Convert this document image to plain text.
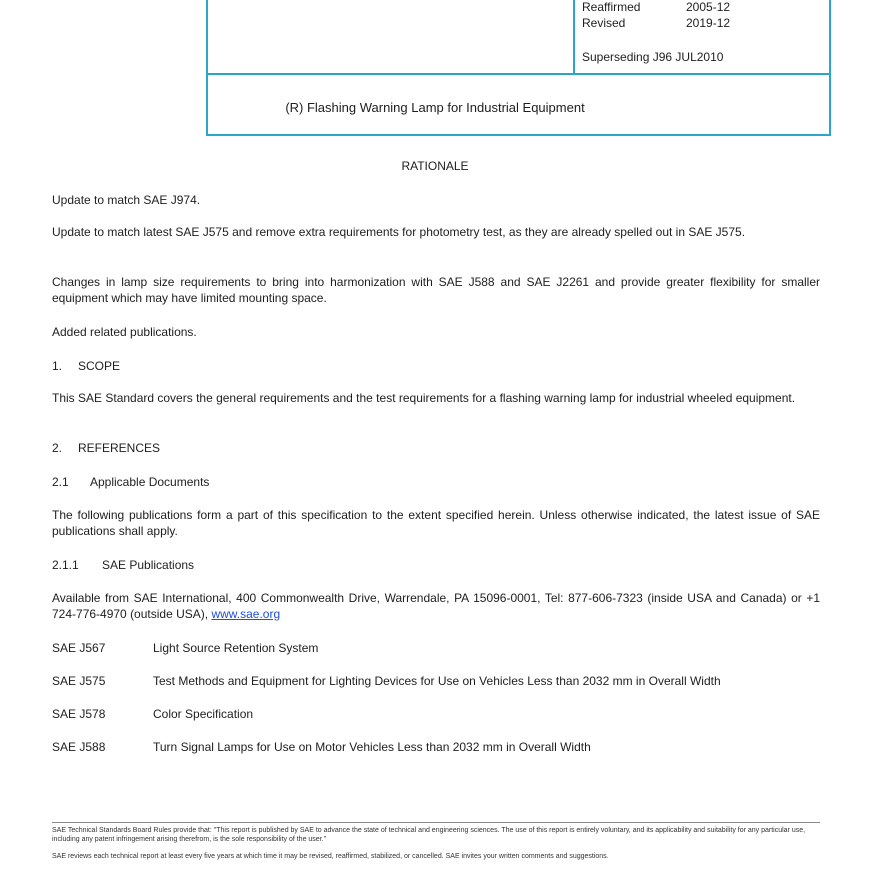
Reaffirmed	2005-12
Revised	2019-12
Superseding J96 JUL2010
(R) Flashing Warning Lamp for Industrial Equipment
RATIONALE
Update to match SAE J974.
Update to match latest SAE J575 and remove extra requirements for photometry test, as they are already spelled out in SAE J575.
Changes in lamp size requirements to bring into harmonization with SAE J588 and SAE J2261 and provide greater flexibility for smaller equipment which may have limited mounting space.
Added related publications.
1. SCOPE
This SAE Standard covers the general requirements and the test requirements for a flashing warning lamp for industrial wheeled equipment.
2. REFERENCES
2.1 Applicable Documents
The following publications form a part of this specification to the extent specified herein. Unless otherwise indicated, the latest issue of SAE publications shall apply.
2.1.1 SAE Publications
Available from SAE International, 400 Commonwealth Drive, Warrendale, PA 15096-0001, Tel: 877-606-7323 (inside USA and Canada) or +1 724-776-4970 (outside USA), www.sae.org
SAE J567	Light Source Retention System
SAE J575	Test Methods and Equipment for Lighting Devices for Use on Vehicles Less than 2032 mm in Overall Width
SAE J578	Color Specification
SAE J588	Turn Signal Lamps for Use on Motor Vehicles Less than 2032 mm in Overall Width
SAE Technical Standards Board Rules provide that: "This report is published by SAE to advance the state of technical and engineering sciences. The use of this report is entirely voluntary, and its applicability and suitability for any particular use, including any patent infringement arising therefrom, is the sole responsibility of the user."
SAE reviews each technical report at least every five years at which time it may be revised, reaffirmed, stabilized, or cancelled. SAE invites your written comments and suggestions.
